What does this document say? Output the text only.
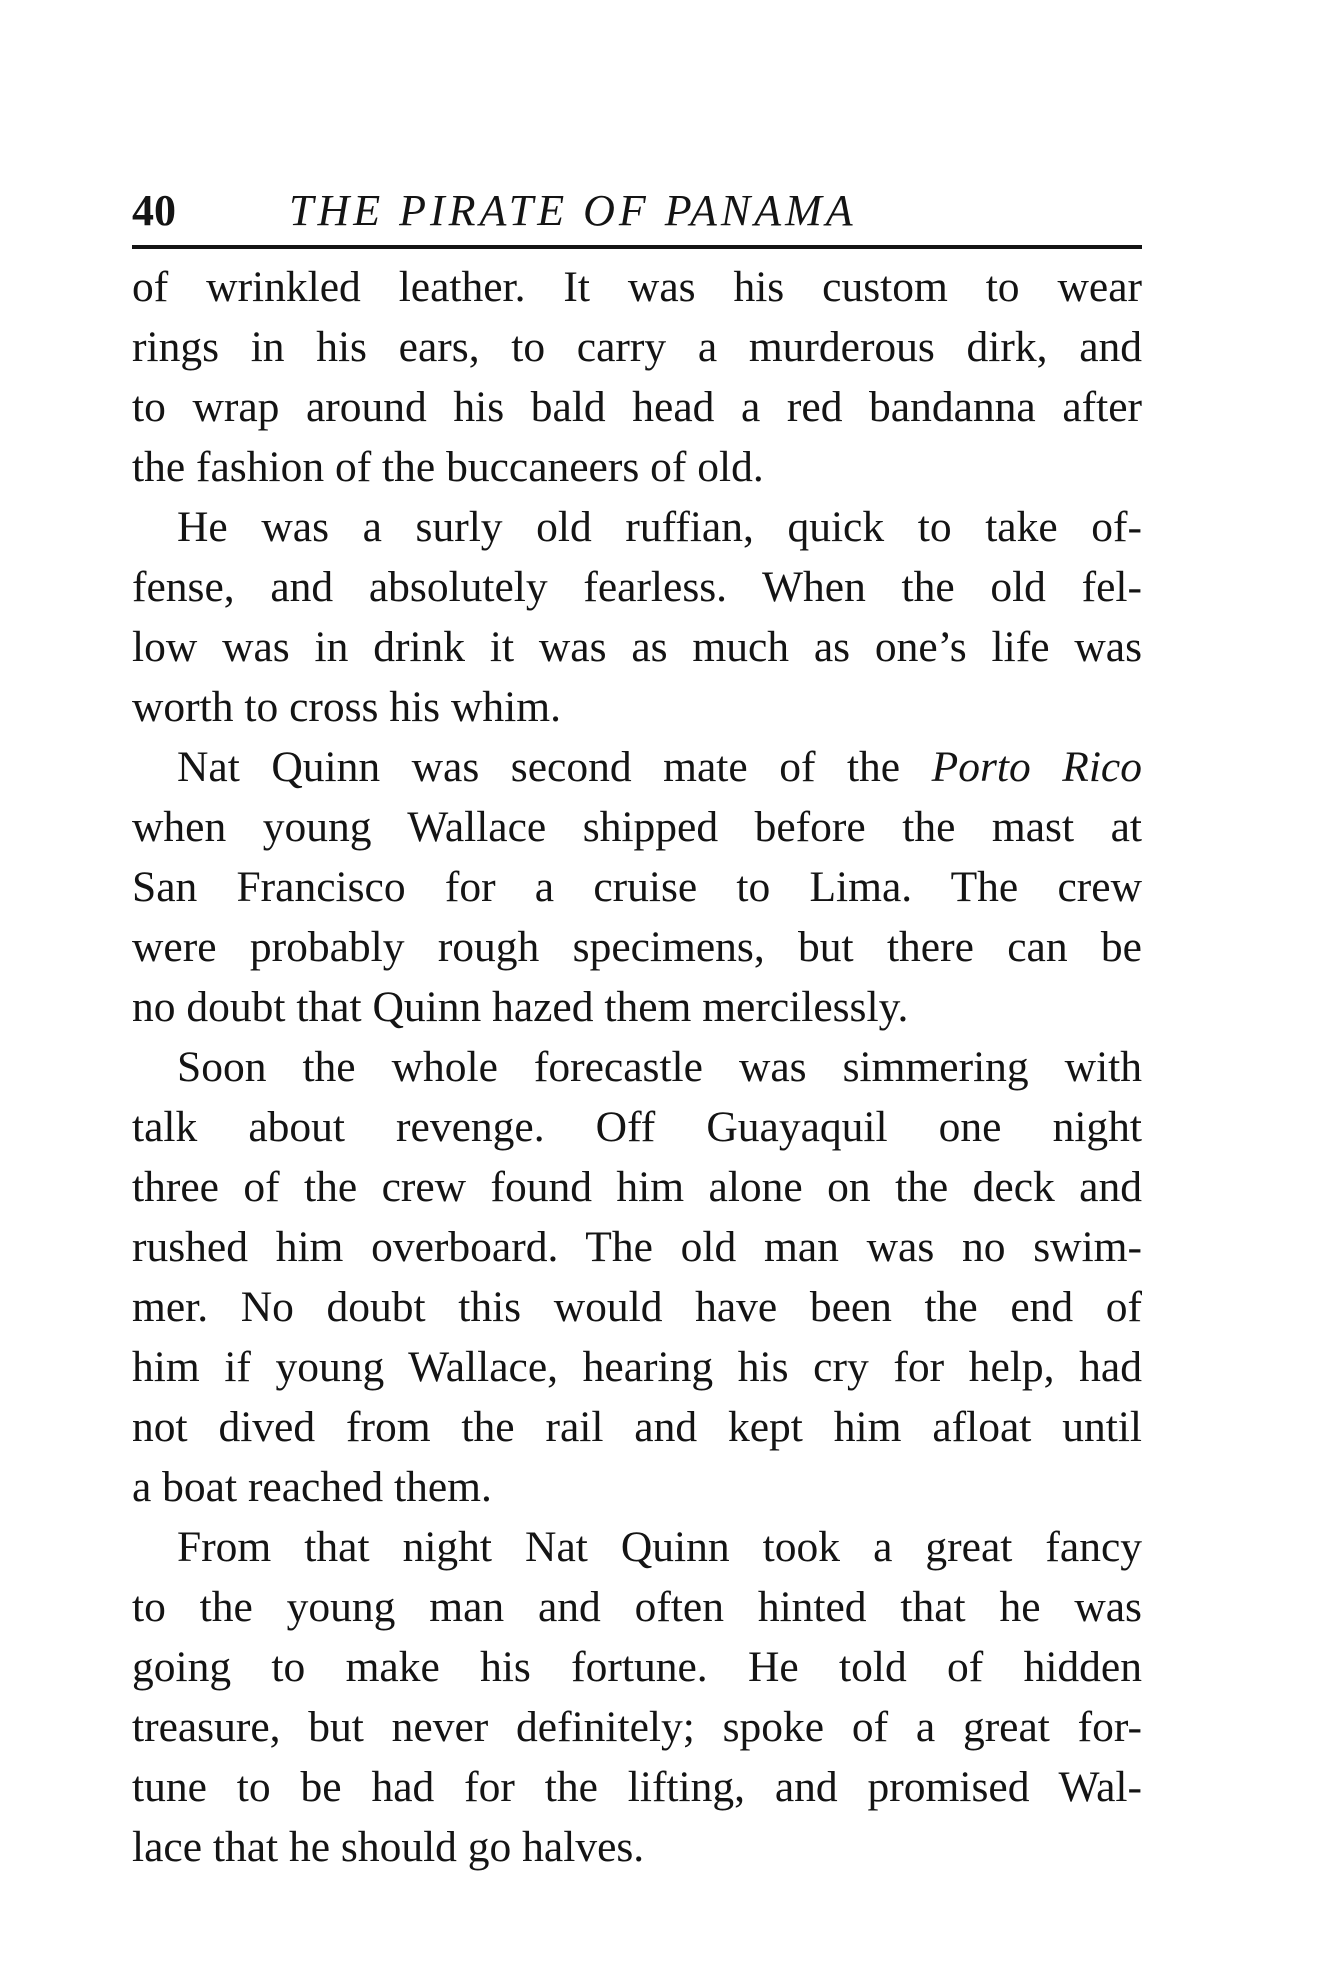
40	THE PIRATE OF PANAMA

of wrinkled leather. It was his custom to wear
rings in his ears, to carry a murderous dirk, and
to wrap around his bald head a red bandanna after
the fashion of the buccaneers of old.

He was a surly old ruffian, quick to take of-
fense, and absolutely fearless. When the old fel-
low was in drink it was as much as one’s life was
worth to cross his whim.

Nat Quinn was second mate of the Porto Rico
when young Wallace shipped before the mast at
San Francisco for a cruise to Lima. The crew
were probably rough specimens, but there can be
no doubt that Quinn hazed them mercilessly.

Soon the whole forecastle was simmering with
talk about revenge. Off Guayaquil one night
three of the crew found him alone on the deck and
rushed him overboard. The old man was no swim-
mer. No doubt this would have been the end of
him if young Wallace, hearing his cry for help, had
not dived from the rail and kept him afloat until
a boat reached them.

From that night Nat Quinn took a great fancy
to the young man and often hinted that he was
going to make his fortune. He told of hidden
treasure, but never definitely; spoke of a great for-
tune to be had for the lifting, and promised Wal-
lace that he should go halves.
